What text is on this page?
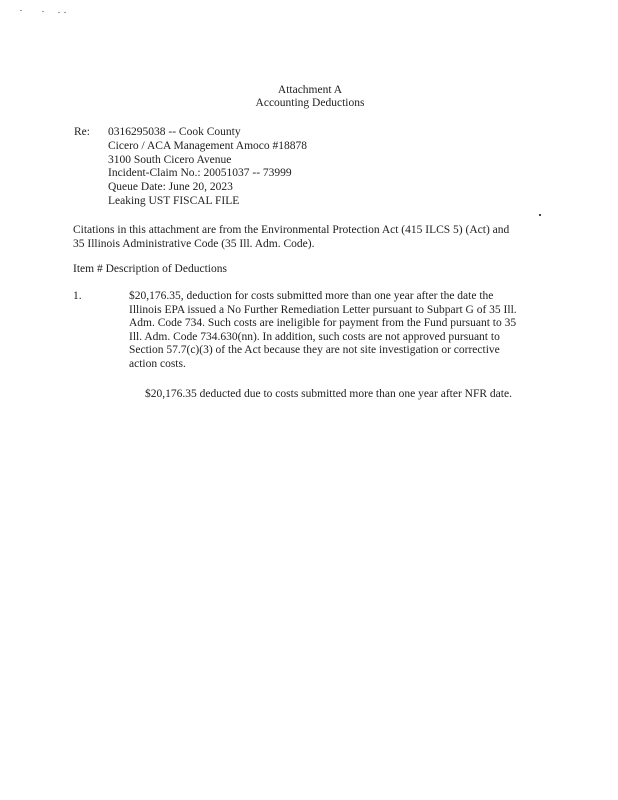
Attachment A
Accounting Deductions
Re: 0316295038 -- Cook County
Cicero / ACA Management Amoco #18878
3100 South Cicero Avenue
Incident-Claim No.: 20051037 -- 73999
Queue Date: June 20, 2023
Leaking UST FISCAL FILE
Citations in this attachment are from the Environmental Protection Act (415 ILCS 5) (Act) and
35 Illinois Administrative Code (35 Ill. Adm. Code).
Item # Description of Deductions
1.	$20,176.35, deduction for costs submitted more than one year after the date the
Illinois EPA issued a No Further Remediation Letter pursuant to Subpart G of 35 Ill.
Adm. Code 734. Such costs are ineligible for payment from the Fund pursuant to 35
Ill. Adm. Code 734.630(nn). In addition, such costs are not approved pursuant to
Section 57.7(c)(3) of the Act because they are not site investigation or corrective
action costs.
$20,176.35 deducted due to costs submitted more than one year after NFR date.
